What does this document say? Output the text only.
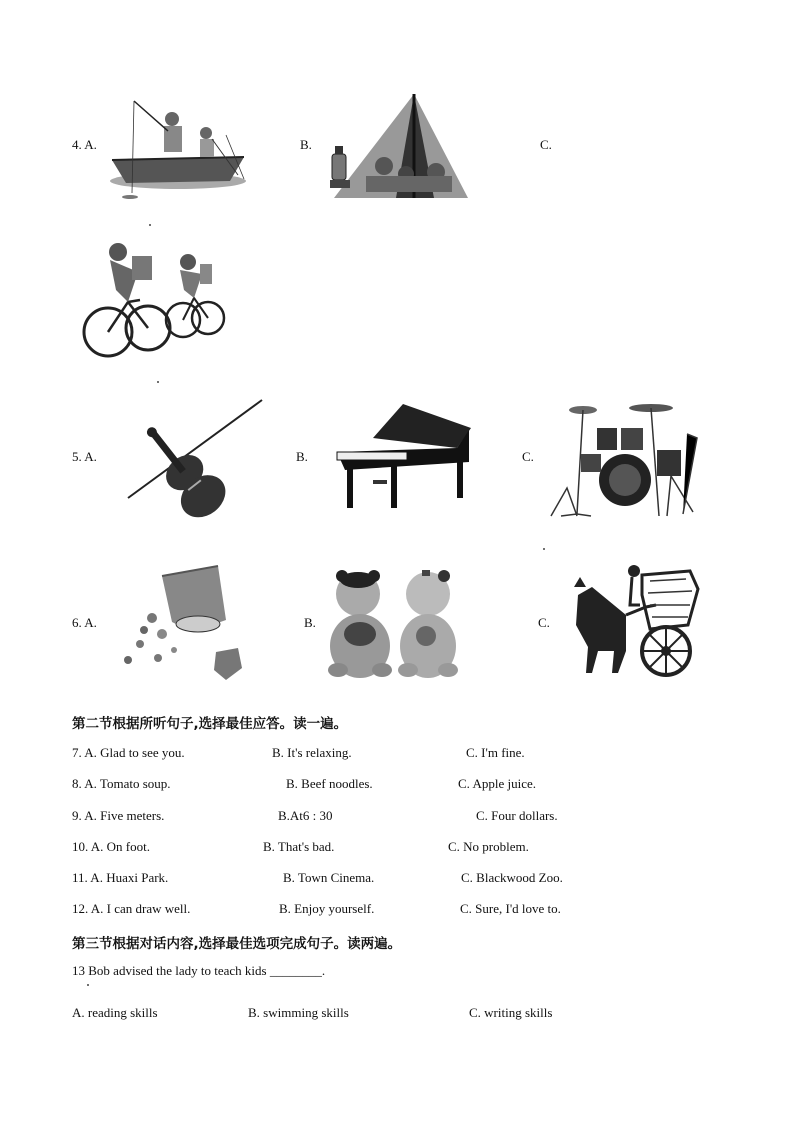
4. A.	B.	C.
5. A.	B.	C.
6. A.	B.	C.
第二节根据所听句子,选择最佳应答。读一遍。
7. A. Glad to see you.	B. It's relaxing.	C. I'm fine.
8. A. Tomato soup.	B. Beef noodles.	C. Apple juice.
9. A. Five meters.	B.At6 : 30	C. Four dollars.
10. A. On foot.	B. That's bad.	C. No problem.
11. A. Huaxi Park.	B. Town Cinema.	C. Blackwood Zoo.
12. A. I can draw well.	B. Enjoy yourself.	C. Sure, I'd love to.
第三节根据对话内容,选择最佳选项完成句子。读两遍。
13 Bob advised the lady to teach kids ________.
A. reading skills	B. swimming skills	C. writing skills
